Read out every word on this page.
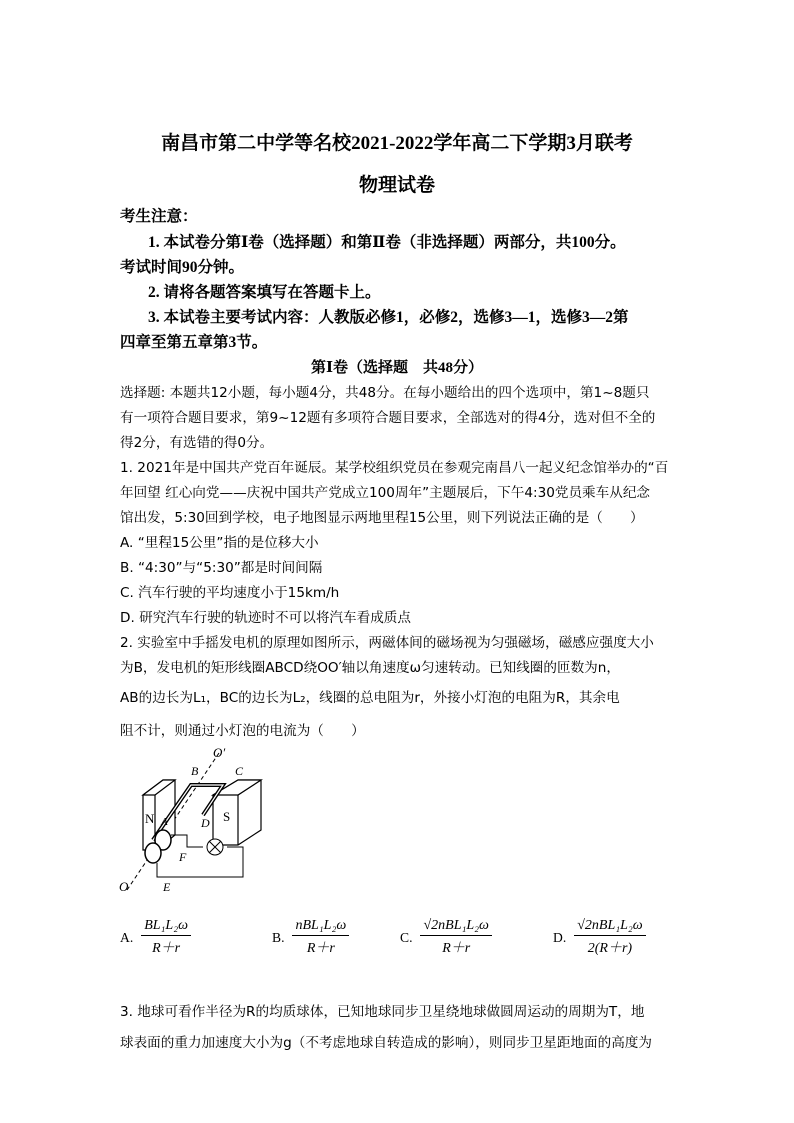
南昌市第二中学等名校2021-2022学年高二下学期3月联考
物理试卷
考生注意：
1. 本试卷分第Ⅰ卷（选择题）和第Ⅱ卷（非选择题）两部分，共100分。
考试时间90分钟。
2. 请将各题答案填写在答题卡上。
3. 本试卷主要考试内容：人教版必修1，必修2，选修3—1，选修3—2第
四章至第五章第3节。
第Ⅰ卷（选择题　共48分）
选择题: 本题共12小题，每小题4分，共48分。在每小题给出的四个选项中，第1~8题只
有一项符合题目要求，第9~12题有多项符合题目要求，全部选对的得4分，选对但不全的
得2分，有选错的得0分。
1. 2021年是中国共产党百年诞辰。某学校组织党员在参观完南昌八一起义纪念馆举办的“百
年回望 红心向党——庆祝中国共产党成立100周年”主题展后，下午4:30党员乘车从纪念
馆出发，5:30回到学校，电子地图显示两地里程15公里，则下列说法正确的是（　　）
A. “里程15公里”指的是位移大小
B. “4:30”与“5:30”都是时间间隔
C. 汽车行驶的平均速度小于15km/h
D. 研究汽车行驶的轨迹时不可以将汽车看成质点
2. 实验室中手摇发电机的原理如图所示，两磁体间的磁场视为匀强磁场，磁感应强度大小
为B，发电机的矩形线圈ABCD绕OO′轴以角速度ω匀速转动。已知线圈的匝数为n，
AB的边长为L₁，BC的边长为L₂，线圈的总电阻为r，外接小灯泡的电阻为R，其余电
阻不计，则通过小灯泡的电流为（　　）
O′
B	C
N	S
A	D
F
E
O
A. $\frac{\text{BL₁L₂ω}}{R+r}$	B. $\frac{\text{nBL₁L₂ω}}{R+r}$	C. $\frac{\text{√2nBL₁L₂ω}}{R+r}$	D. $\frac{\text{√2nBL₁L₂ω}}{2(R+r)}$
3. 地球可看作半径为R的均质球体，已知地球同步卫星绕地球做圆周运动的周期为T，地
球表面的重力加速度大小为g（不考虑地球自转造成的影响），则同步卫星距地面的高度为
